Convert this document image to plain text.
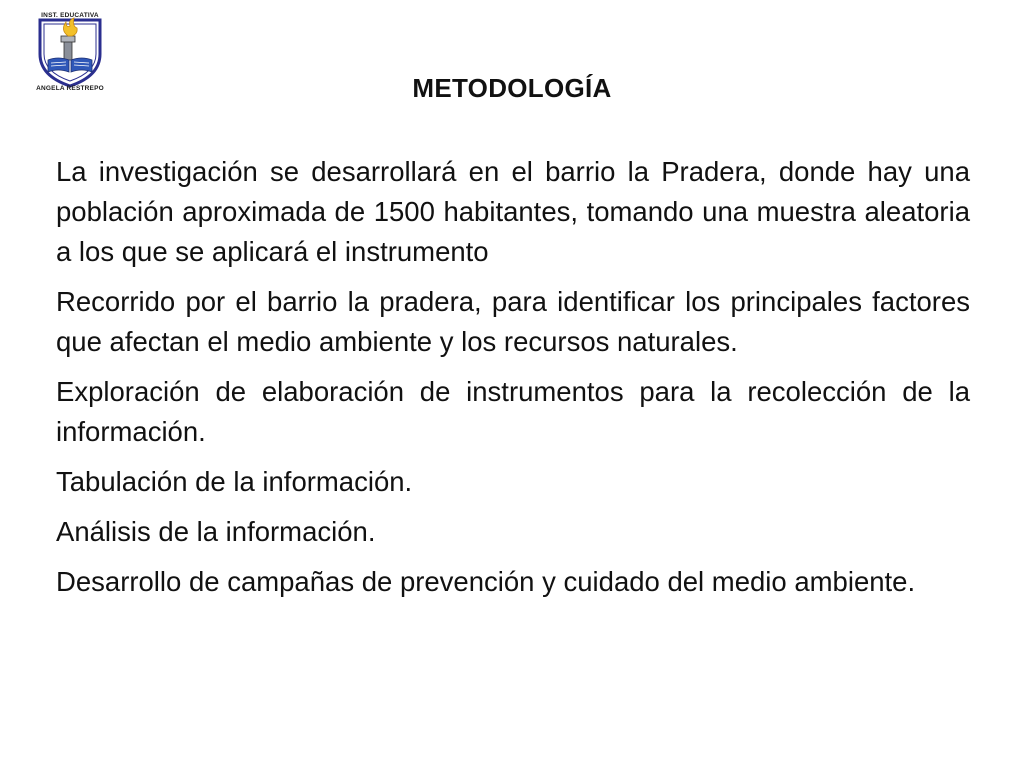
INST. EDUCATIVA
ANGELA RESTREPO	METODOLOGÍA

La investigación se desarrollará en el barrio la Pradera, donde hay una población aproximada de 1500 habitantes, tomando una muestra aleatoria a los que se aplicará el instrumento

Recorrido por el barrio la pradera, para identificar los principales factores que afectan el medio ambiente y los recursos naturales.

Exploración de elaboración de instrumentos para la recolección de la información.

Tabulación de la información.

Análisis de la información.

Desarrollo de campañas de prevención y cuidado del medio ambiente.
